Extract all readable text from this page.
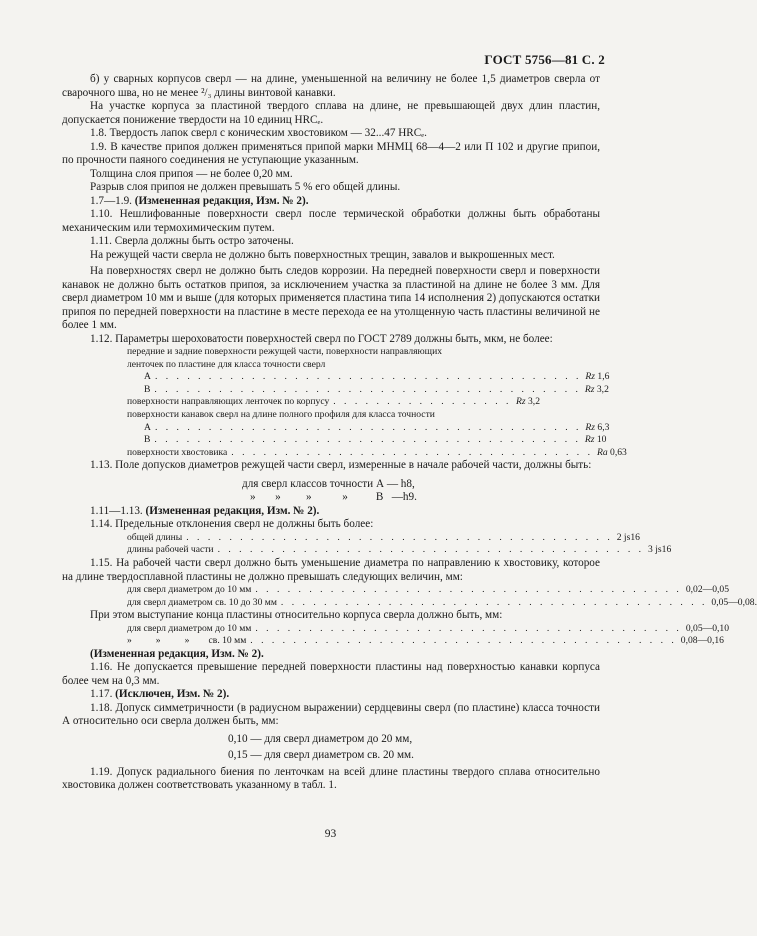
ГОСТ 5756—81 С. 2

б) у сварных корпусов сверл — на длине, уменьшенной на величину не более 1,5 диаметров сверла от сварочного шва, но не менее ²/₃ длины винтовой канавки.

На участке корпуса за пластиной твердого сплава на длине, не превышающей двух длин пластин, допускается понижение твердости на 10 единиц HRCₑ.

1.8. Твердость лапок сверл с коническим хвостовиком — 32...47 HRCₑ.

1.9. В качестве припоя должен применяться припой марки МНМЦ 68—4—2 или П 102 и другие припои, по прочности паяного соединения не уступающие указанным.

Толщина слоя припоя — не более 0,20 мм.

Разрыв слоя припоя не должен превышать 5 % его общей длины.

1.7—1.9. (Измененная редакция, Изм. № 2).

1.10. Нешлифованные поверхности сверл после термической обработки должны быть обработаны механическим или термохимическим путем.

1.11. Сверла должны быть остро заточены.

На режущей части сверла не должно быть поверхностных трещин, завалов и выкрошенных мест.

На поверхностях сверл не должно быть следов коррозии. На передней поверхности сверл и поверхности канавок не должно быть остатков припоя, за исключением участка за пластиной на длине не более 3 мм. Для сверл диаметром 10 мм и выше (для которых применяется пластина типа 14 исполнения 2) допускаются остатки припоя по передней поверхности на пластине в месте перехода ее на утолщенную часть пластины величиной не более 1 мм.

1.12. Параметры шероховатости поверхностей сверл по ГОСТ 2789 должны быть, мкм, не более:

передние и задние поверхности режущей части, поверхности направляющих
ленточек по пластине для класса точности сверл
А . . . . . . . . . . . . . . . . . . . . . . . . . . . . . . . . . . . . . . . . Rz 1,6
В . . . . . . . . . . . . . . . . . . . . . . . . . . . . . . . . . . . . . . . . Rz 3,2
поверхности направляющих ленточек по корпусу . . . . . . . . . . . . . . . . . Rz 3,2
поверхности канавок сверл на длине полного профиля для класса точности
А . . . . . . . . . . . . . . . . . . . . . . . . . . . . . . . . . . . . . . . . Rz 6,3
В . . . . . . . . . . . . . . . . . . . . . . . . . . . . . . . . . . . . . . . . Rz 10
поверхности хвостовика . . . . . . . . . . . . . . . . . . . . . . . . . . . . . . . . . . Ra 0,63

1.13. Поле допусков диаметров режущей части сверл, измеренные в начале рабочей части, должны быть:

для сверл классов точности А — h8,
»       »         »           »          В   —h9.

1.11—1.13. (Измененная редакция, Изм. № 2).

1.14. Предельные отклонения сверл не должны быть более:

общей длины . . . . . . . . . . . . . . . . . . . . . . . . . . . . . . . . . . . . . . . . 2 js16
длины рабочей части . . . . . . . . . . . . . . . . . . . . . . . . . . . . . . . . . . . . . . . . 3 js16

1.15. На рабочей части сверл должно быть уменьшение диаметра по направлению к хвостовику, которое на длине твердосплавной пластины не должно превышать следующих величин, мм:

для сверл диаметром до 10 мм . . . . . . . . . . . . . . . . . . . . . . . . . . . . . . . . . . . . . . . . 0,02—0,05
для сверл диаметром св. 10 до 30 мм . . . . . . . . . . . . . . . . . . . . . . . . . . . . . . . . . . . . . . . . 0,05—0,08.

При этом выступание конца пластины относительно корпуса сверла должно быть, мм:

для сверл диаметром до 10 мм . . . . . . . . . . . . . . . . . . . . . . . . . . . . . . . . . . . . . . . . 0,05—0,10
»          »          »        св. 10 мм . . . . . . . . . . . . . . . . . . . . . . . . . . . . . . . . . . . . . . . . 0,08—0,16

(Измененная редакция, Изм. № 2).

1.16. Не допускается превышение передней поверхности пластины над поверхностью канавки корпуса более чем на 0,3 мм.

1.17. (Исключен, Изм. № 2).

1.18. Допуск симметричности (в радиусном выражении) сердцевины сверл (по пластине) класса точности А относительно оси сверла должен быть, мм:

0,10 — для сверл диаметром до 20 мм,
0,15 — для сверл диаметром св. 20 мм.

1.19. Допуск радиального биения по ленточкам на всей длине пластины твердого сплава относительно хвостовика должен соответствовать указанному в табл. 1.

93
